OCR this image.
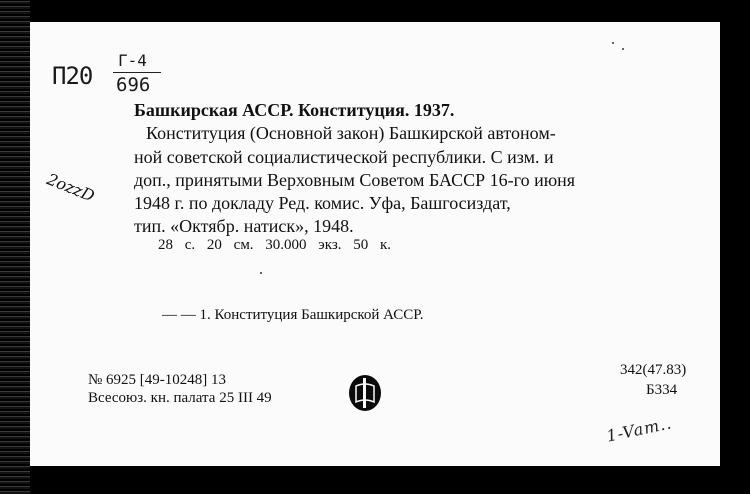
П20
Г-4
696
2ozzD
Башкирская АССР. Конституция. 1937.
Конституция (Основной закон) Башкирской автоном-
ной советской социалистической республики. С изм. и
доп., принятыми Верховным Советом БАССР 16-го июня
1948 г. по докладу Ред. комис. Уфа, Башгосиздат,
тип. «Октябр. натиск», 1948.
28 с. 20 см. 30.000 экз. 50 к.
— — 1. Конституция Башкирской АССР.
№ 6925 [49-10248] 13
Всесоюз. кн. палата 25 III 49
342(47.83)
Б334
1-Vam..
